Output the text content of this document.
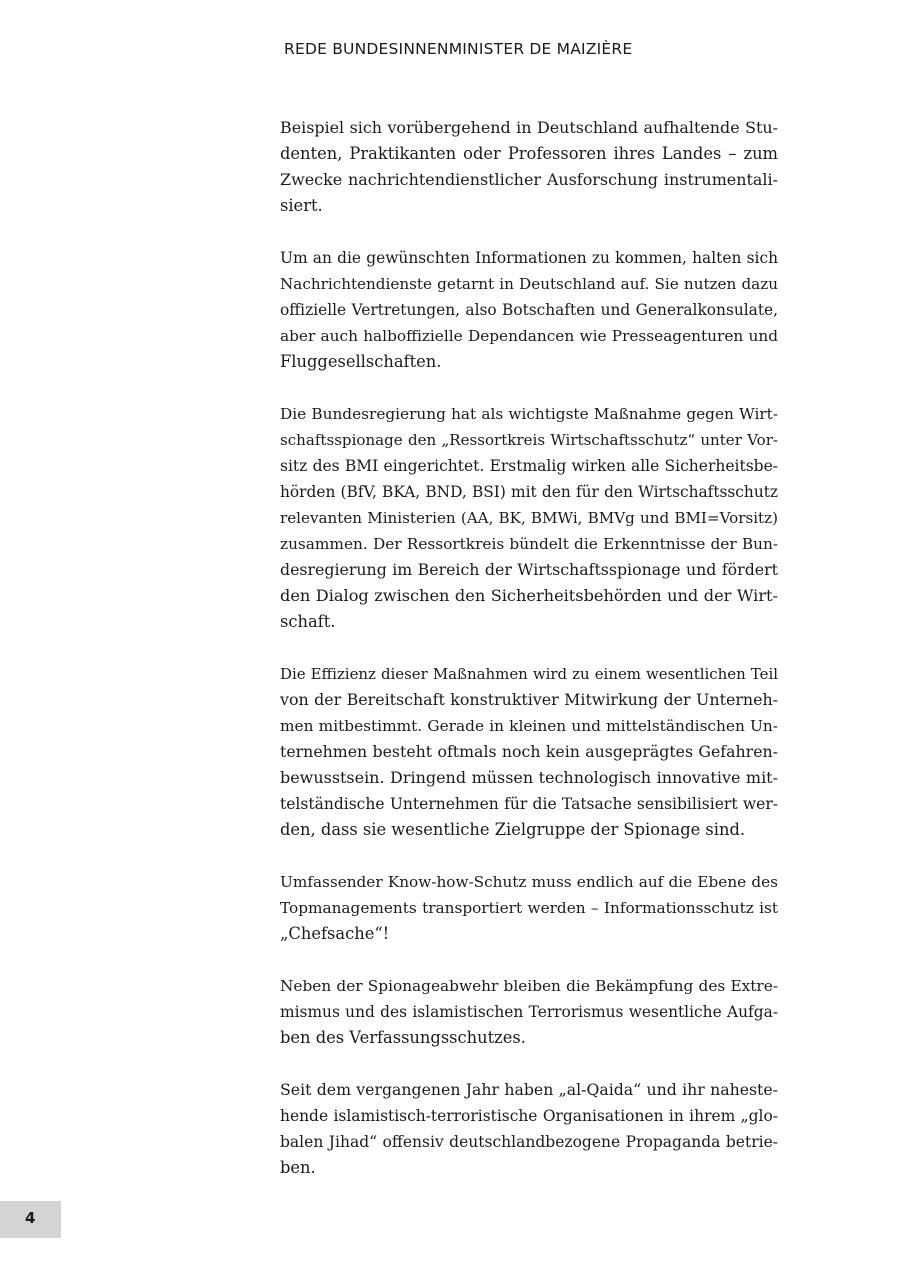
REDE BUNDESINNENMINISTER DE MAIZIÈRE
Beispiel sich vorübergehend in Deutschland aufhaltende Stu-
denten, Praktikanten oder Professoren ihres Landes – zum
Zwecke nachrichtendienstlicher Ausforschung instrumentali-
siert.
Um an die gewünschten Informationen zu kommen, halten sich
Nachrichtendienste getarnt in Deutschland auf. Sie nutzen dazu
offizielle Vertretungen, also Botschaften und Generalkonsulate,
aber auch halboffizielle Dependancen wie Presseagenturen und
Fluggesellschaften.
Die Bundesregierung hat als wichtigste Maßnahme gegen Wirt-
schaftsspionage den „Ressortkreis Wirtschaftsschutz“ unter Vor-
sitz des BMI eingerichtet. Erstmalig wirken alle Sicherheitsbe-
hörden (BfV, BKA, BND, BSI) mit den für den Wirtschaftsschutz
relevanten Ministerien (AA, BK, BMWi, BMVg und BMI=Vorsitz)
zusammen. Der Ressortkreis bündelt die Erkenntnisse der Bun-
desregierung im Bereich der Wirtschaftsspionage und fördert
den Dialog zwischen den Sicherheitsbehörden und der Wirt-
schaft.
Die Effizienz dieser Maßnahmen wird zu einem wesentlichen Teil
von der Bereitschaft konstruktiver Mitwirkung der Unterneh-
men mitbestimmt. Gerade in kleinen und mittelständischen Un-
ternehmen besteht oftmals noch kein ausgeprägtes Gefahren-
bewusstsein. Dringend müssen technologisch innovative mit-
telständische Unternehmen für die Tatsache sensibilisiert wer-
den, dass sie wesentliche Zielgruppe der Spionage sind.
Umfassender Know-how-Schutz muss endlich auf die Ebene des
Topmanagements transportiert werden – Informationsschutz ist
„Chefsache“!
Neben der Spionageabwehr bleiben die Bekämpfung des Extre-
mismus und des islamistischen Terrorismus wesentliche Aufga-
ben des Verfassungsschutzes.
Seit dem vergangenen Jahr haben „al-Qaida“ und ihr naheste-
hende islamistisch-terroristische Organisationen in ihrem „glo-
balen Jihad“ offensiv deutschlandbezogene Propaganda betrie-
ben.
4
